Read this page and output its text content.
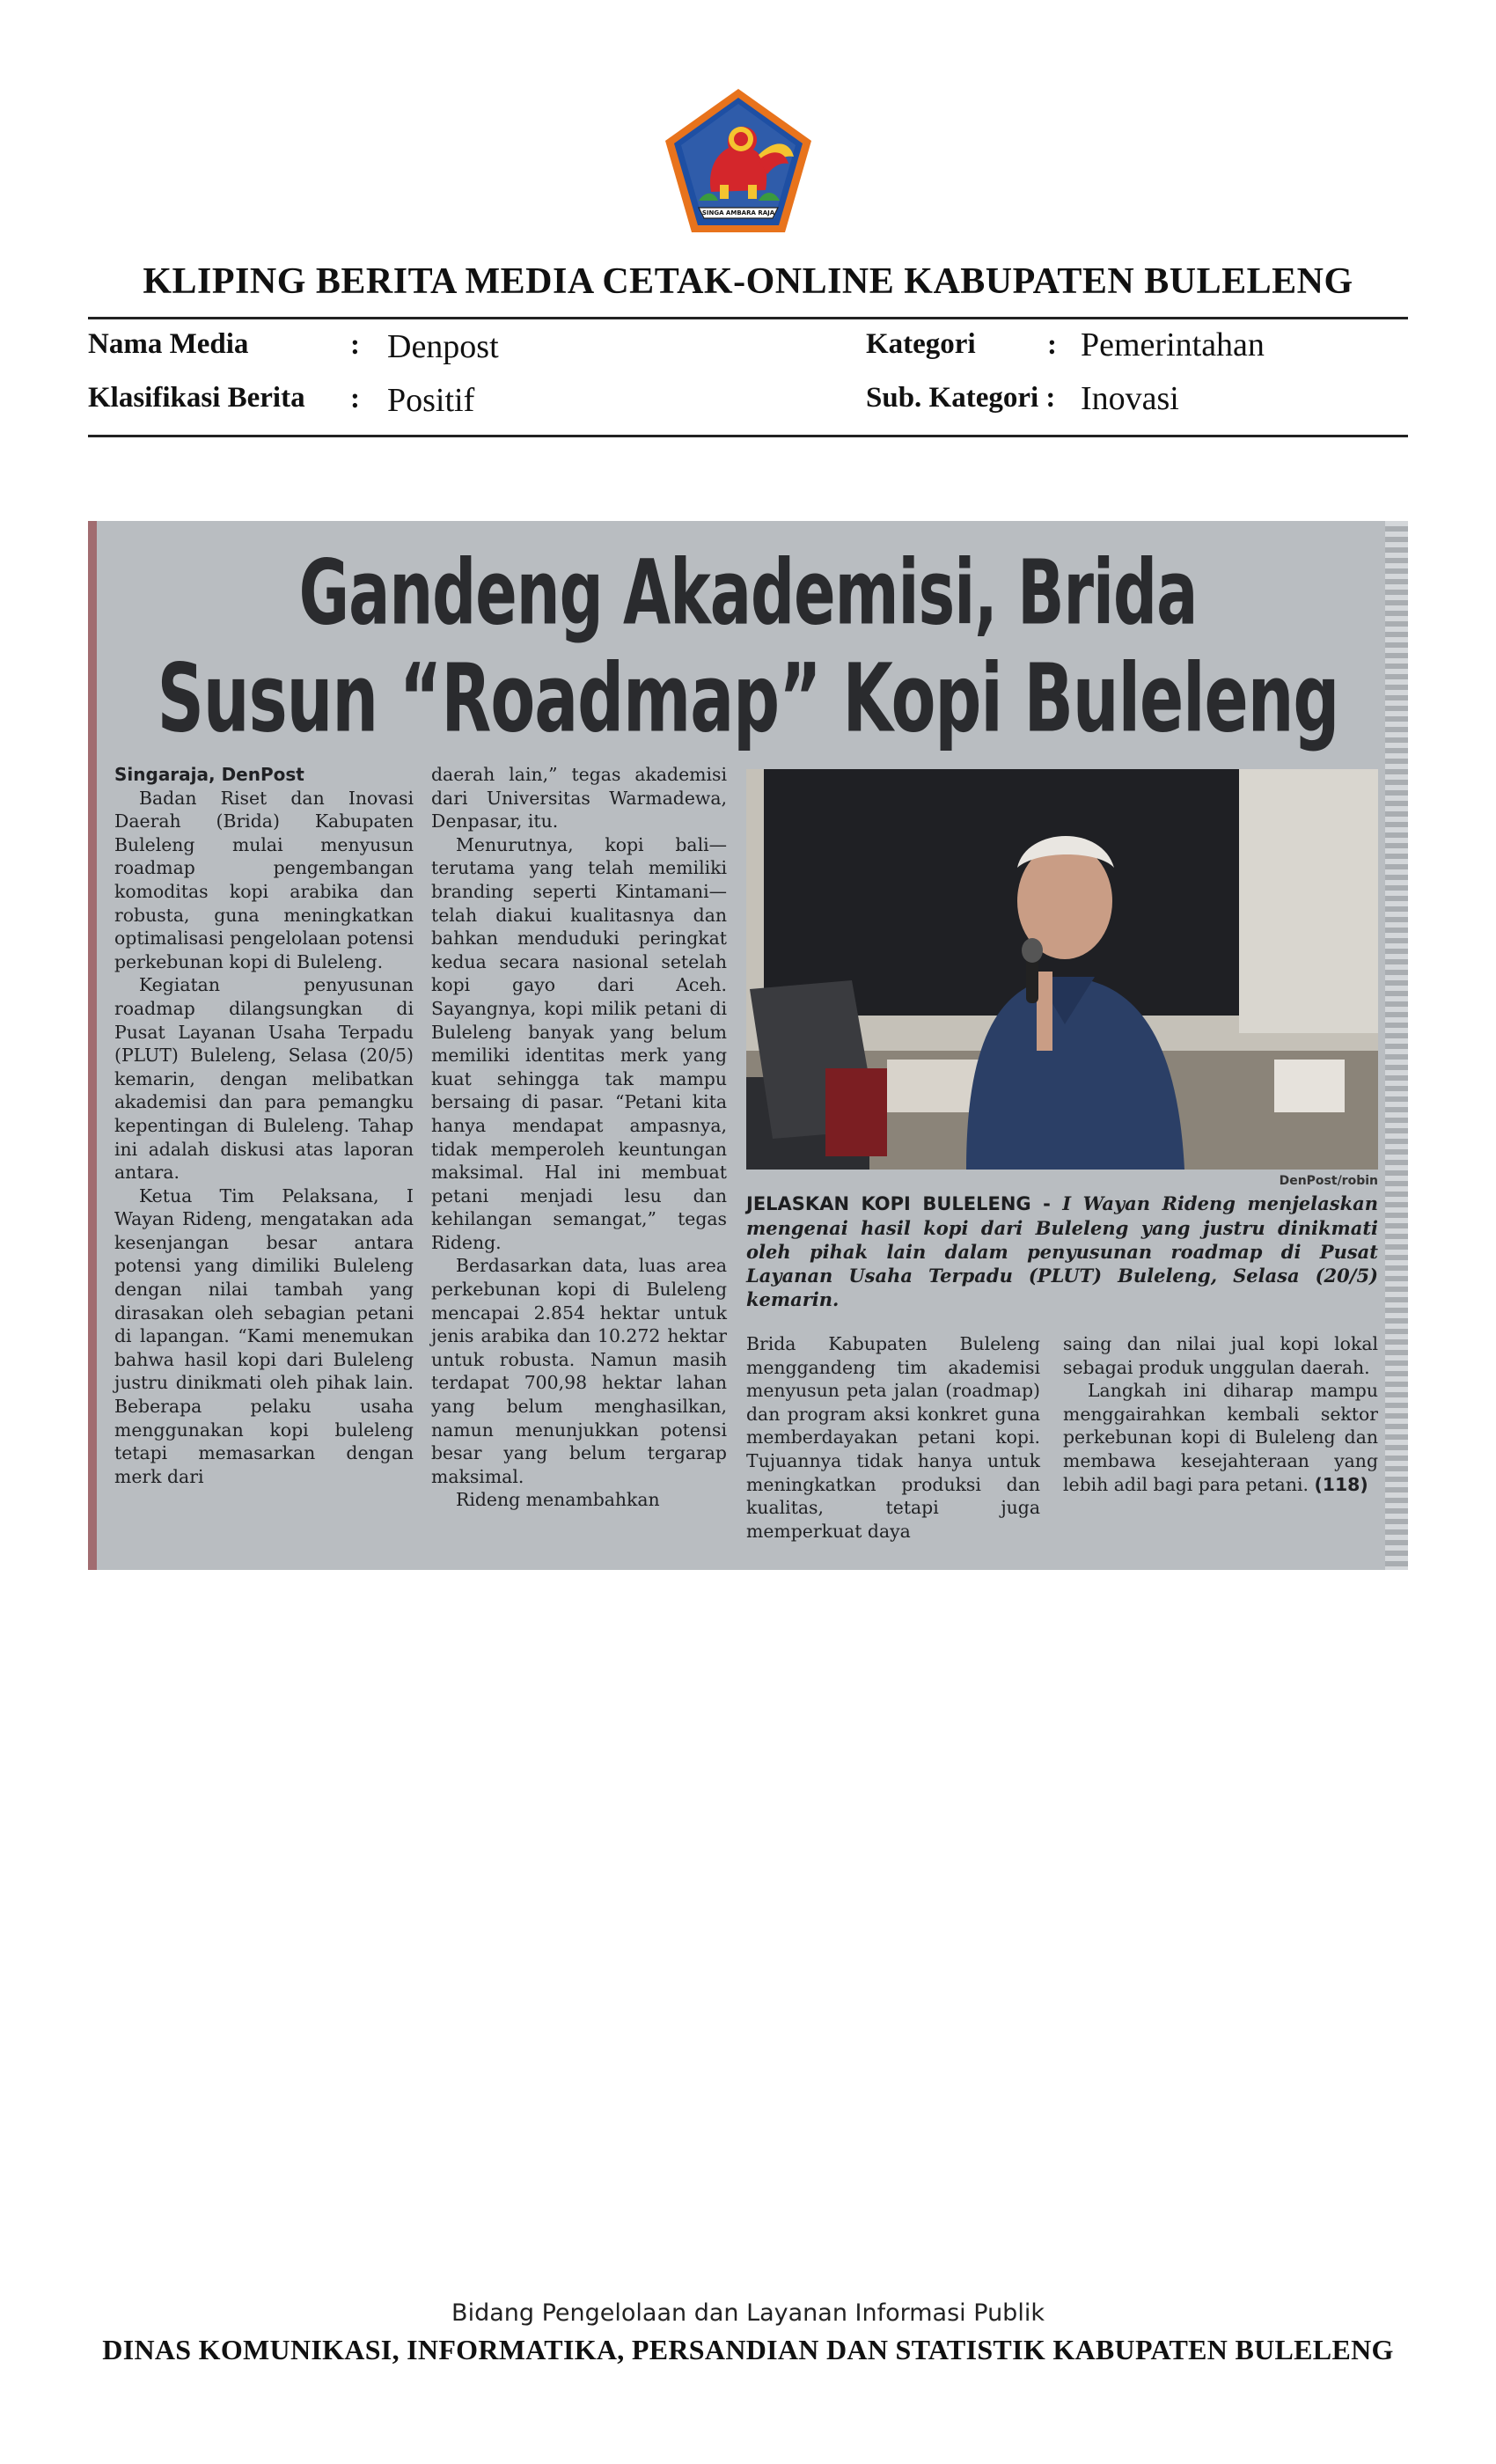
SINGA AMBARA RAJA
KLIPING BERITA MEDIA CETAK-ONLINE KABUPATEN BULELENG
Nama Media	: Denpost	Kategori : Pemerintahan
Klasifikasi Berita : Positif	Sub. Kategori : Inovasi
Gandeng Akademisi, Brida
Susun “Roadmap” Kopi Buleleng
Singaraja, DenPost

Badan Riset dan Inovasi Daerah (Brida) Kabupaten Buleleng mulai menyusun roadmap pengembangan komoditas kopi arabika dan robusta, guna meningkatkan optimalisasi pengelolaan potensi perkebunan kopi di Buleleng.

Kegiatan penyusunan roadmap dilangsungkan di Pusat Layanan Usaha Terpadu (PLUT) Buleleng, Selasa (20/5) kemarin, dengan melibatkan akademisi dan para pemangku kepentingan di Buleleng. Tahap ini adalah diskusi atas laporan antara.

Ketua Tim Pelaksana, I Wayan Rideng, mengatakan ada kesenjangan besar antara potensi yang dimiliki Buleleng dengan nilai tambah yang dirasakan oleh sebagian petani di lapangan. “Kami menemukan bahwa hasil kopi dari Buleleng justru dinikmati oleh pihak lain. Beberapa pelaku usaha menggunakan kopi buleleng tetapi memasarkan dengan merk dari

daerah lain,” tegas akademisi dari Universitas Warmadewa, Denpasar, itu.

Menurutnya, kopi bali—terutama yang telah memiliki branding seperti Kintamani—telah diakui kualitasnya dan bahkan menduduki peringkat kedua secara nasional setelah kopi gayo dari Aceh. Sayangnya, kopi milik petani di Buleleng banyak yang belum memiliki identitas merk yang kuat sehingga tak mampu bersaing di pasar. “Petani kita hanya mendapat ampasnya, tidak memperoleh keuntungan maksimal. Hal ini membuat petani menjadi lesu dan kehilangan semangat,” tegas Rideng.

Berdasarkan data, luas area perkebunan kopi di Buleleng mencapai 2.854 hektar untuk jenis arabika dan 10.272 hektar untuk robusta. Namun masih terdapat 700,98 hektar lahan yang belum menghasilkan, namun menunjukkan potensi besar yang belum tergarap maksimal.

Rideng menambahkan

DenPost/robin
JELASKAN KOPI BULELENG - I Wayan Rideng menjelaskan mengenai hasil kopi dari Buleleng yang justru dinikmati oleh pihak lain dalam penyusunan roadmap di Pusat Layanan Usaha Terpadu (PLUT) Buleleng, Selasa (20/5) kemarin.

Brida Kabupaten Buleleng menggandeng tim akademisi menyusun peta jalan (roadmap) dan program aksi konkret guna memberdayakan petani kopi. Tujuannya tidak hanya untuk meningkatkan produksi dan kualitas, tetapi juga memperkuat daya

saing dan nilai jual kopi lokal sebagai produk unggulan daerah.

Langkah ini diharap mampu menggairahkan kembali sektor perkebunan kopi di Buleleng dan membawa kesejahteraan yang lebih adil bagi para petani. (118)

Bidang Pengelolaan dan Layanan Informasi Publik
DINAS KOMUNIKASI, INFORMATIKA, PERSANDIAN DAN STATISTIK KABUPATEN BULELENG
